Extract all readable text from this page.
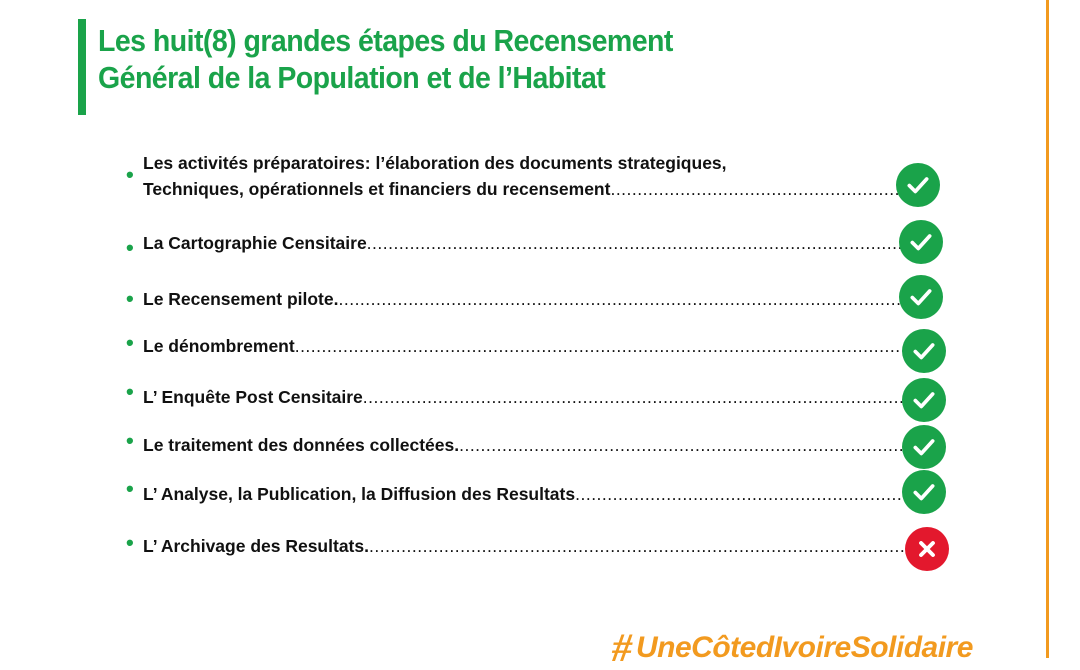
Les huit(8) grandes étapes du Recensement
Général de la Population et de l’Habitat
• Les activités préparatoires: l’élaboration des documents strategiques,
Techniques, opérationnels et financiers du recensement .....
• La Cartographie Censitaire .....
• Le Recensement pilote. .....
• Le dénombrement .....
• L’ Enquête Post Censitaire .....
• Le traitement des données collectées. .....
• L’ Analyse, la Publication, la Diffusion des Resultats .....
• L’ Archivage des Resultats. .....
# UneCôtedIvoireSolidaire
